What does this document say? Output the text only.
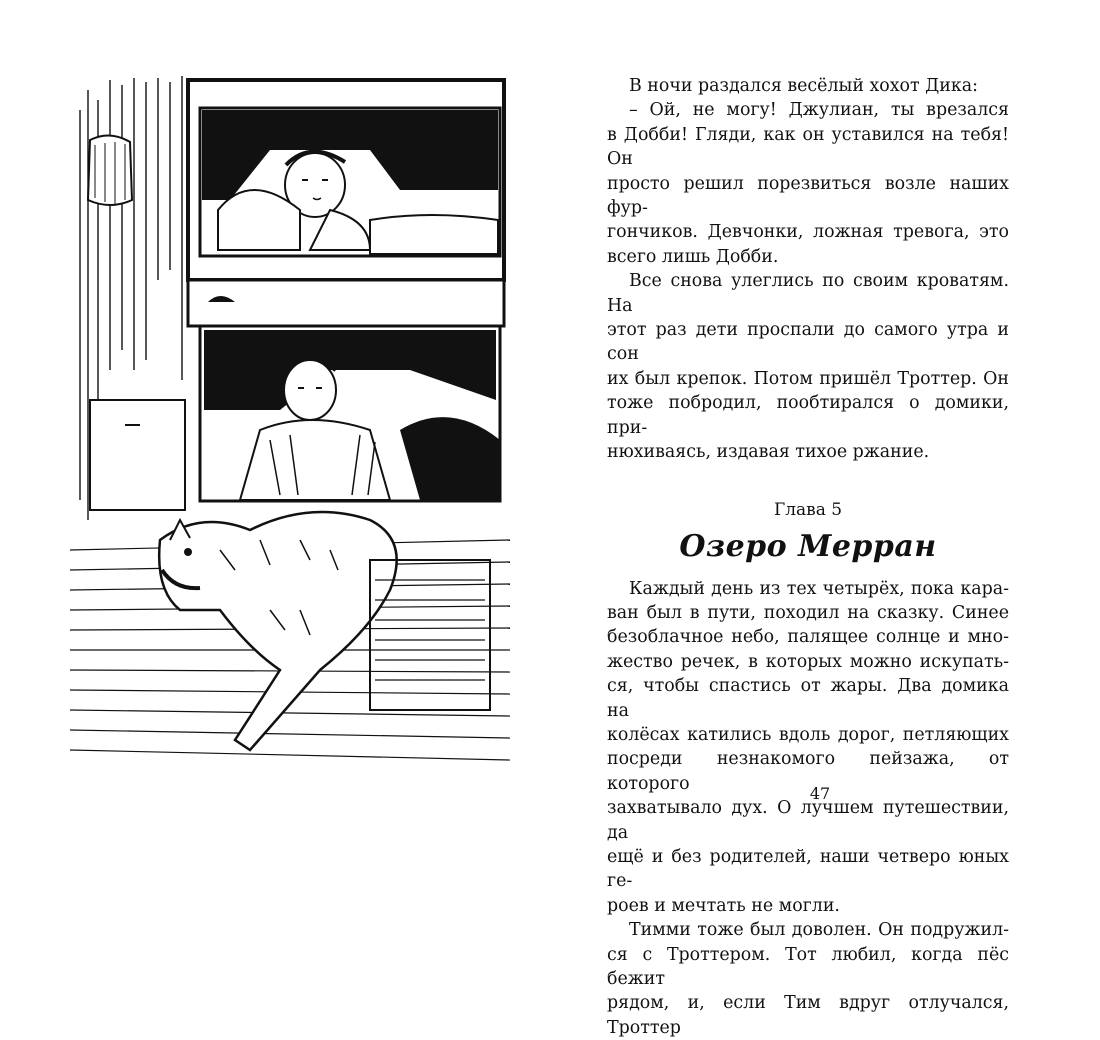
В ночи раздался весёлый хохот Дика:

– Ой, не могу! Джулиан, ты врезался
в Добби! Гляди, как он уставился на тебя! Он
просто решил порезвиться возле наших фур-
гончиков. Девчонки, ложная тревога, это
всего лишь Добби.

Все снова улеглись по своим кроватям. На
этот раз дети проспали до самого утра и сон
их был крепок. Потом пришёл Троттер. Он
тоже побродил, пообтирался о домики, при-
нюхиваясь, издавая тихое ржание.

Глава 5
Озеро Мерран

Каждый день из тех четырёх, пока кара-
ван был в пути, походил на сказку. Синее
безоблачное небо, палящее солнце и мно-
жество речек, в которых можно искупать-
ся, чтобы спастись от жары. Два домика на
колёсах катились вдоль дорог, петляющих
посреди незнакомого пейзажа, от которого
захватывало дух. О лучшем путешествии, да
ещё и без родителей, наши четверо юных ге-
роев и мечтать не могли.

Тимми тоже был доволен. Он подружил-
ся с Троттером. Тот любил, когда пёс бежит
рядом, и, если Тим вдруг отлучался, Троттер

47
